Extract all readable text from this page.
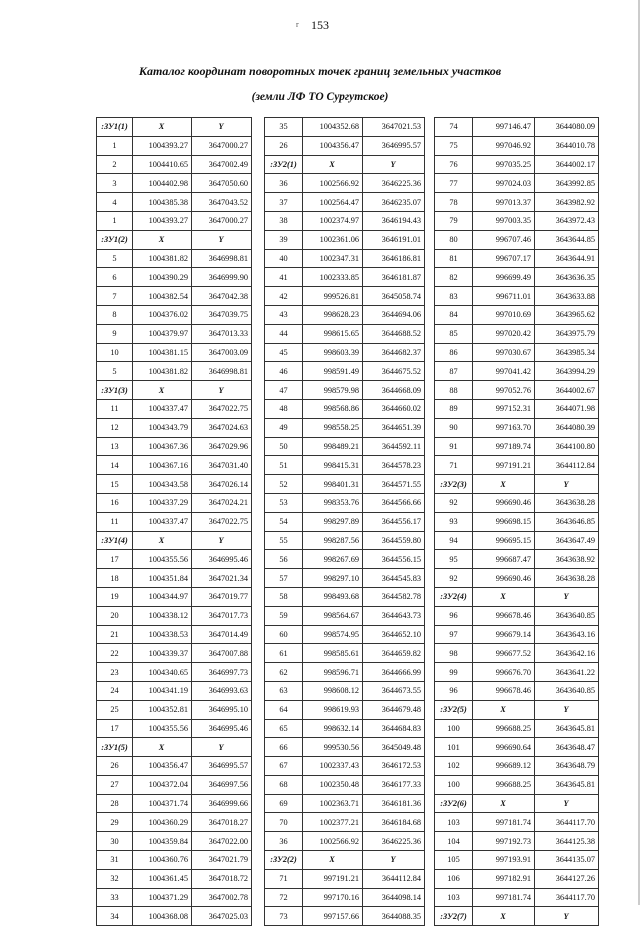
153
r
Каталог координат поворотных точек границ земельных участков
(земли ЛФ ТО Сургутское)
:ЗУ1(1)	X	Y
1	1004393.27	3647000.27
2	1004410.65	3647002.49
3	1004402.98	3647050.60
4	1004385.38	3647043.52
1	1004393.27	3647000.27
:ЗУ1(2)	X	Y
5	1004381.82	3646998.81
6	1004390.29	3646999.90
7	1004382.54	3647042.38
8	1004376.02	3647039.75
9	1004379.97	3647013.33
10	1004381.15	3647003.09
5	1004381.82	3646998.81
:ЗУ1(3)	X	Y
11	1004337.47	3647022.75
12	1004343.79	3647024.63
13	1004367.36	3647029.96
14	1004367.16	3647031.40
15	1004343.58	3647026.14
16	1004337.29	3647024.21
11	1004337.47	3647022.75
:ЗУ1(4)	X	Y
17	1004355.56	3646995.46
18	1004351.84	3647021.34
19	1004344.97	3647019.77
20	1004338.12	3647017.73
21	1004338.53	3647014.49
22	1004339.37	3647007.88
23	1004340.65	3646997.73
24	1004341.19	3646993.63
25	1004352.81	3646995.10
17	1004355.56	3646995.46
:ЗУ1(5)	X	Y
26	1004356.47	3646995.57
27	1004372.04	3646997.56
28	1004371.74	3646999.66
29	1004360.29	3647018.27
30	1004359.84	3647022.00
31	1004360.76	3647021.79
32	1004361.45	3647018.72
33	1004371.29	3647002.78
34	1004368.08	3647025.03
35	1004352.68	3647021.53
26	1004356.47	3646995.57
:ЗУ2(1)	X	Y
36	1002566.92	3646225.36
37	1002564.47	3646235.07
38	1002374.97	3646194.43
39	1002361.06	3646191.01
40	1002347.31	3646186.81
41	1002333.85	3646181.87
42	999526.81	3645058.74
43	998628.23	3644694.06
44	998615.65	3644688.52
45	998603.39	3644682.37
46	998591.49	3644675.52
47	998579.98	3644668.09
48	998568.86	3644660.02
49	998558.25	3644651.39
50	998489.21	3644592.11
51	998415.31	3644578.23
52	998401.31	3644571.55
53	998353.76	3644566.66
54	998297.89	3644556.17
55	998287.56	3644559.80
56	998267.69	3644556.15
57	998297.10	3644545.83
58	998493.68	3644582.78
59	998564.67	3644643.73
60	998574.95	3644652.10
61	998585.61	3644659.82
62	998596.71	3644666.99
63	998608.12	3644673.55
64	998619.93	3644679.48
65	998632.14	3644684.83
66	999530.56	3645049.48
67	1002337.43	3646172.53
68	1002350.48	3646177.33
69	1002363.71	3646181.36
70	1002377.21	3646184.68
36	1002566.92	3646225.36
:ЗУ2(2)	X	Y
71	997191.21	3644112.84
72	997170.16	3644098.14
73	997157.66	3644088.35
74	997146.47	3644080.09
75	997046.92	3644010.78
76	997035.25	3644002.17
77	997024.03	3643992.85
78	997013.37	3643982.92
79	997003.35	3643972.43
80	996707.46	3643644.85
81	996707.17	3643644.91
82	996699.49	3643636.35
83	996711.01	3643633.88
84	997010.69	3643965.62
85	997020.42	3643975.79
86	997030.67	3643985.34
87	997041.42	3643994.29
88	997052.76	3644002.67
89	997152.31	3644071.98
90	997163.70	3644080.39
91	997189.74	3644100.80
71	997191.21	3644112.84
:ЗУ2(3)	X	Y
92	996690.46	3643638.28
93	996698.15	3643646.85
94	996695.15	3643647.49
95	996687.47	3643638.92
92	996690.46	3643638.28
:ЗУ2(4)	X	Y
96	996678.46	3643640.85
97	996679.14	3643643.16
98	996677.52	3643642.16
99	996676.70	3643641.22
96	996678.46	3643640.85
:ЗУ2(5)	X	Y
100	996688.25	3643645.81
101	996690.64	3643648.47
102	996689.12	3643648.79
100	996688.25	3643645.81
:ЗУ2(6)	X	Y
103	997181.74	3644117.70
104	997192.73	3644125.38
105	997193.91	3644135.07
106	997182.91	3644127.26
103	997181.74	3644117.70
:ЗУ2(7)	X	Y
